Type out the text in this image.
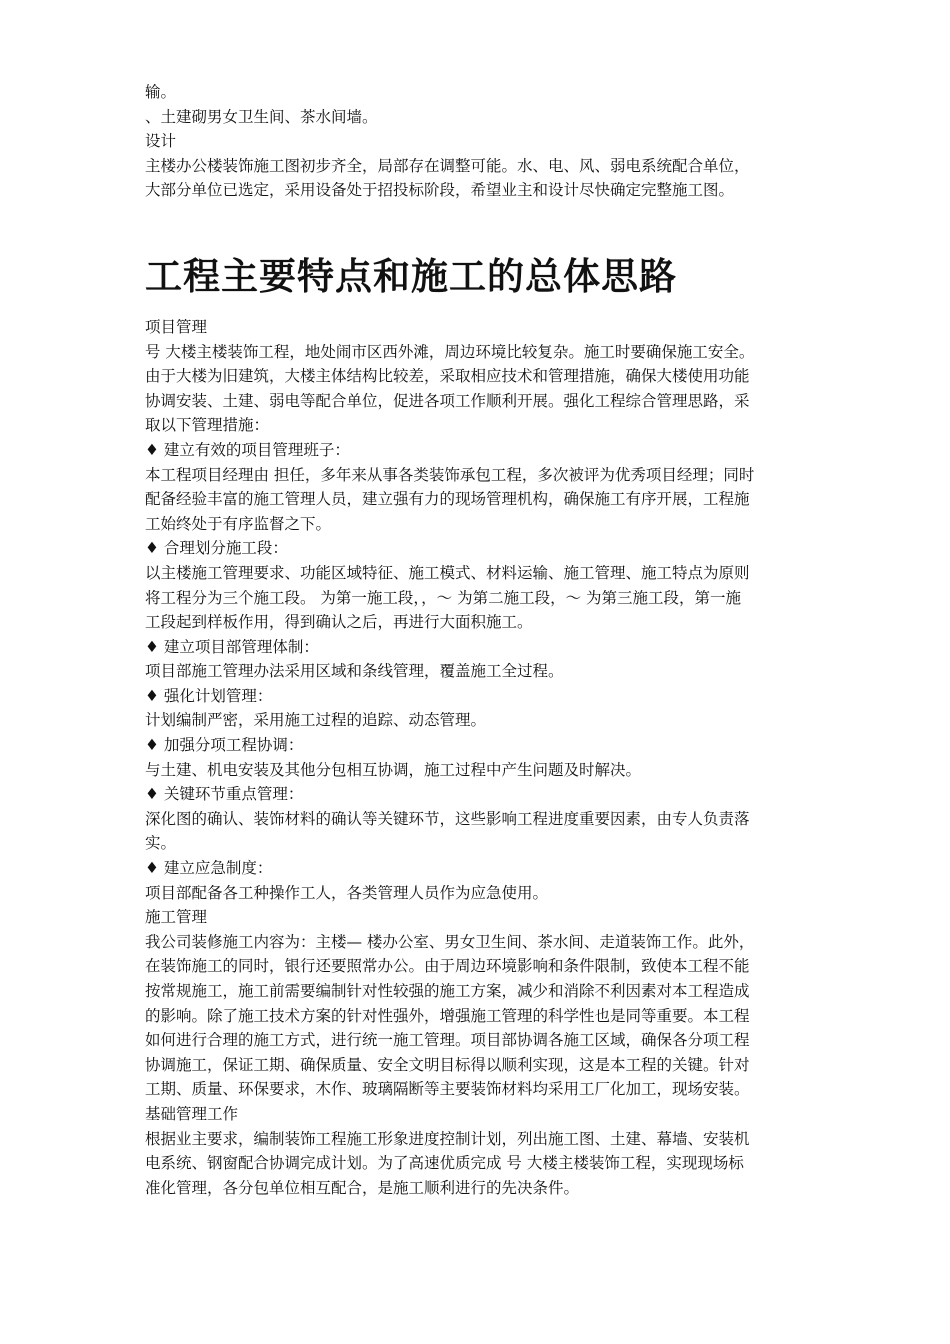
输。
、土建砌男女卫生间、茶水间墙。
设计
主楼办公楼装饰施工图初步齐全，局部存在调整可能。水、电、风、弱电系统配合单位，
大部分单位已选定，采用设备处于招投标阶段，希望业主和设计尽快确定完整施工图。
工程主要特点和施工的总体思路
项目管理
号 大楼主楼装饰工程，地处闹市区西外滩，周边环境比较复杂。施工时要确保施工安全。
由于大楼为旧建筑，大楼主体结构比较差，采取相应技术和管理措施，确保大楼使用功能
协调安装、土建、弱电等配合单位，促进各项工作顺利开展。强化工程综合管理思路，采
取以下管理措施：
♦ 建立有效的项目管理班子：
本工程项目经理由 担任，多年来从事各类装饰承包工程，多次被评为优秀项目经理；同时
配备经验丰富的施工管理人员，建立强有力的现场管理机构，确保施工有序开展，工程施
工始终处于有序监督之下。
♦ 合理划分施工段：
以主楼施工管理要求、功能区域特征、施工模式、材料运输、施工管理、施工特点为原则
将工程分为三个施工段。 为第一施工段，，～ 为第二施工段，～ 为第三施工段，第一施
工段起到样板作用，得到确认之后，再进行大面积施工。
♦ 建立项目部管理体制：
项目部施工管理办法采用区域和条线管理，覆盖施工全过程。
♦ 强化计划管理：
计划编制严密，采用施工过程的追踪、动态管理。
♦ 加强分项工程协调：
与土建、机电安装及其他分包相互协调，施工过程中产生问题及时解决。
♦ 关键环节重点管理：
深化图的确认、装饰材料的确认等关键环节，这些影响工程进度重要因素，由专人负责落
实。
♦ 建立应急制度：
项目部配备各工种操作工人，各类管理人员作为应急使用。
施工管理
我公司装修施工内容为：主楼— 楼办公室、男女卫生间、茶水间、走道装饰工作。此外，
在装饰施工的同时，银行还要照常办公。由于周边环境影响和条件限制，致使本工程不能
按常规施工，施工前需要编制针对性较强的施工方案，减少和消除不利因素对本工程造成
的影响。除了施工技术方案的针对性强外，增强施工管理的科学性也是同等重要。本工程
如何进行合理的施工方式，进行统一施工管理。项目部协调各施工区域，确保各分项工程
协调施工，保证工期、确保质量、安全文明目标得以顺利实现，这是本工程的关键。针对
工期、质量、环保要求，木作、玻璃隔断等主要装饰材料均采用工厂化加工，现场安装。
基础管理工作
根据业主要求，编制装饰工程施工形象进度控制计划，列出施工图、土建、幕墙、安装机
电系统、钢窗配合协调完成计划。为了高速优质完成 号 大楼主楼装饰工程，实现现场标
准化管理，各分包单位相互配合，是施工顺利进行的先决条件。
